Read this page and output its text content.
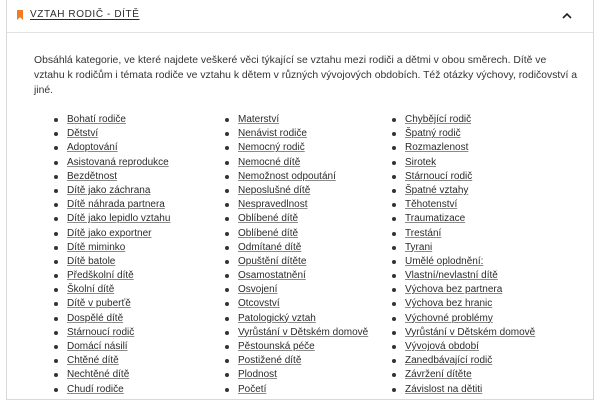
VZTAH RODIČ - DÍTĚ

Obsáhlá kategorie, ve které najdete veškeré věci týkající se vztahu mezi rodiči a dětmi v obou směrech. Dítě ve vztahu k rodičům i témata rodiče ve vztahu k dětem v různých vývojových obdobích. Též otázky výchovy, rodičovství a jiné.

Bohatí rodiče
Dětství
Adoptování
Asistovaná reprodukce
Bezdětnost
Dítě jako záchrana
Dítě náhrada partnera
Dítě jako lepidlo vztahu
Dítě jako exportner
Dítě miminko
Dítě batole
Předškolní dítě
Školní dítě
Dítě v puberťě
Dospělé dítě
Stárnoucí rodič
Domácí násilí
Chtěné dítě
Nechtěné dítě
Chudí rodiče
Materství
Nenávist rodiče
Nemocný rodič
Nemocné dítě
Nemožnost odpoutání
Neposlušné dítě
Nespravedlnost
Oblíbené dítě
Oblíbené dítě
Odmítané dítě
Opuštění dítěte
Osamostatnění
Osvojení
Otcovství
Patologický vztah
Vyrůstání v Dětském domově
Pěstounská péče
Postižené dítě
Plodnost
Početí
Chybějící rodič
Špatný rodič
Rozmazlenost
Sirotek
Stárnoucí rodič
Špatné vztahy
Těhotenství
Traumatizace
Trestání
Tyrani
Umělé oplodnění:
Vlastní/nevlastní dítě
Výchova bez partnera
Výchova bez hranic
Výchovné problémy
Vyrůstání v Dětském domově
Vývojová období
Zanedbávající rodič
Závržení dítěte
Závislost na dětiti
